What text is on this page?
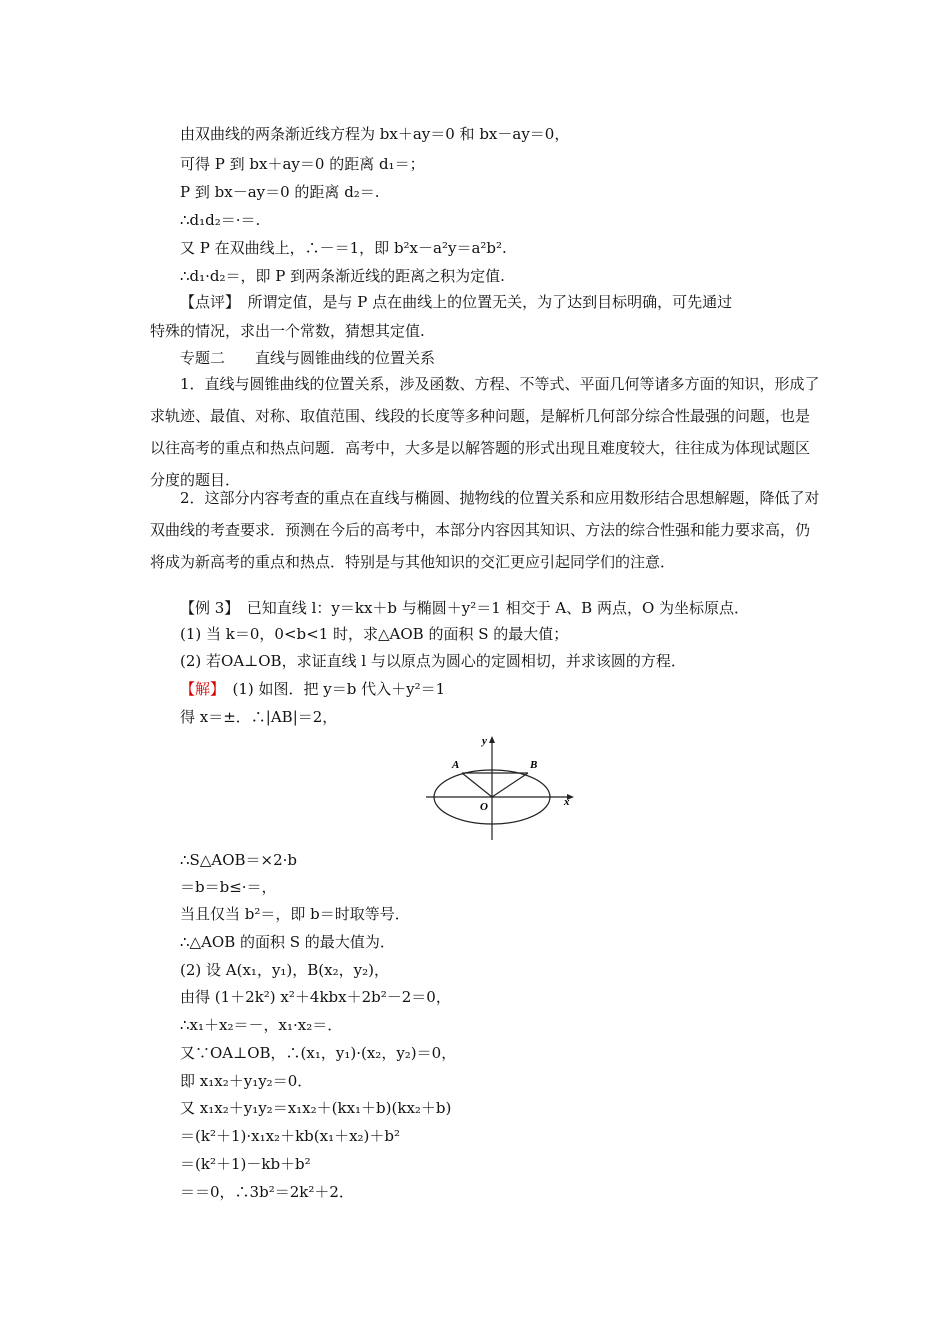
由双曲线的两条渐近线方程为 bx＋ay＝0 和 bx－ay＝0，
可得 P 到 bx＋ay＝0 的距离 d₁＝；
P 到 bx－ay＝0 的距离 d₂＝.
∴d₁d₂＝·＝.
又 P 在双曲线上，∴－＝1，即 b²x－a²y＝a²b².
∴d₁·d₂＝，即 P 到两条渐近线的距离之积为定值.
【点评】　所谓定值，是与 P 点在曲线上的位置无关，为了达到目标明确，可先通过
特殊的情况，求出一个常数，猜想其定值.
专题二　　直线与圆锥曲线的位置关系
1．直线与圆锥曲线的位置关系，涉及函数、方程、不等式、平面几何等诸多方面的知识，形成了求轨迹、最值、对称、取值范围、线段的长度等多种问题，是解析几何部分综合性最强的问题，也是以往高考的重点和热点问题．高考中，大多是以解答题的形式出现且难度较大，往往成为体现试题区分度的题目．
2．这部分内容考查的重点在直线与椭圆、抛物线的位置关系和应用数形结合思想解题，降低了对双曲线的考查要求．预测在今后的高考中，本部分内容因其知识、方法的综合性强和能力要求高，仍将成为新高考的重点和热点．特别是与其他知识的交汇更应引起同学们的注意．
【例 3】　已知直线 l：y＝kx＋b 与椭圆＋y²＝1 相交于 A、B 两点，O 为坐标原点．
(1) 当 k＝0，0<b<1 时，求△AOB 的面积 S 的最大值；
(2) 若OA⊥OB，求证直线 l 与以原点为圆心的定圆相切，并求该圆的方程．
【解】　(1) 如图．把 y＝b 代入＋y²＝1
得 x＝±．∴|AB|＝2，
y
x
A	B
O
∴S△AOB＝×2·b
＝b＝b≤·＝，
当且仅当 b²＝，即 b＝时取等号．
∴△AOB 的面积 S 的最大值为．
(2) 设 A(x₁，y₁)，B(x₂，y₂)，
由得 (1＋2k²) x²＋4kbx＋2b²－2＝0，
∴x₁＋x₂＝－，x₁·x₂＝．
又∵OA⊥OB，∴(x₁，y₁)·(x₂，y₂)＝0，
即 x₁x₂＋y₁y₂＝0．
又 x₁x₂＋y₁y₂＝x₁x₂＋(kx₁＋b)(kx₂＋b)
＝(k²＋1)·x₁x₂＋kb(x₁＋x₂)＋b²
＝(k²＋1)－kb＋b²
＝＝0，∴3b²＝2k²＋2．
